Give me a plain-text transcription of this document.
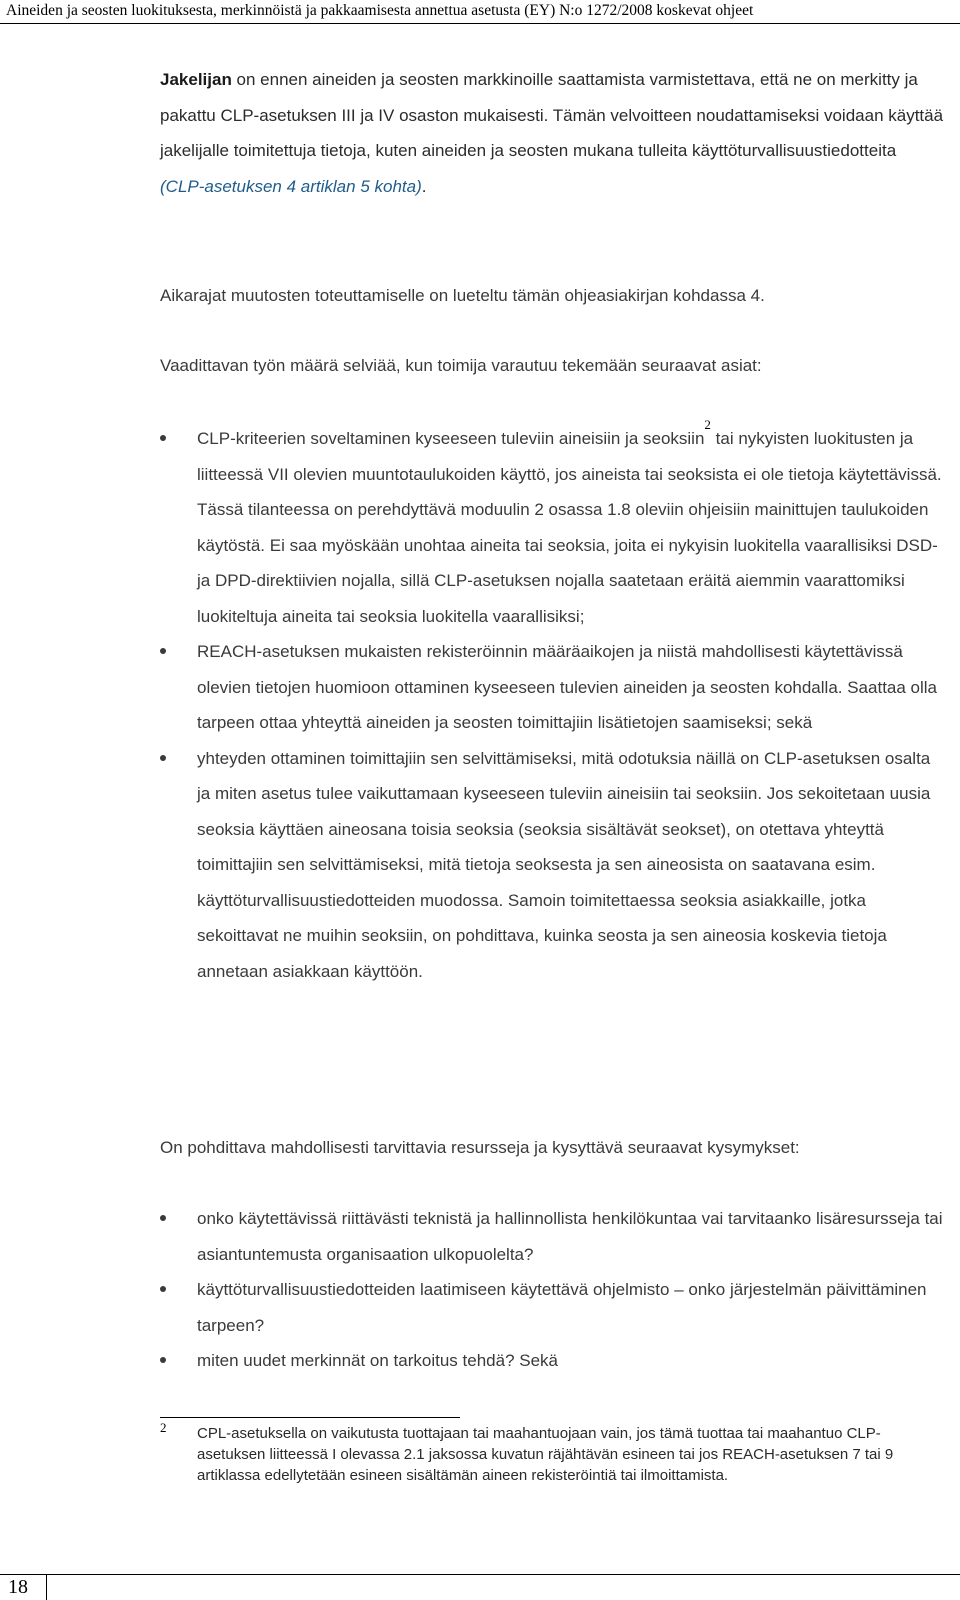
Aineiden ja seosten luokituksesta, merkinnöistä ja pakkaamisesta annettua asetusta (EY) N:o 1272/2008 koskevat ohjeet
Jakelijan on ennen aineiden ja seosten markkinoille saattamista varmistettava, että ne on merkitty ja pakattu CLP-asetuksen III ja IV osaston mukaisesti. Tämän velvoitteen noudattamiseksi voidaan käyttää jakelijalle toimitettuja tietoja, kuten aineiden ja seosten mukana tulleita käyttöturvallisuustiedotteita (CLP-asetuksen 4 artiklan 5 kohta).
Aikarajat muutosten toteuttamiselle on lueteltu tämän ohjeasiakirjan kohdassa 4.
Vaadittavan työn määrä selviää, kun toimija varautuu tekemään seuraavat asiat:
CLP-kriteerien soveltaminen kyseeseen tuleviin aineisiin ja seoksiin$^2$ tai nykyisten luokitusten ja liitteessä VII olevien muuntotaulukoiden käyttö, jos aineista tai seoksista ei ole tietoja käytettävissä. Tässä tilanteessa on perehdyttävä moduulin 2 osassa 1.8 oleviin ohjeisiin mainittujen taulukoiden käytöstä. Ei saa myöskään unohtaa aineita tai seoksia, joita ei nykyisin luokitella vaarallisiksi DSD- ja DPD-direktiivien nojalla, sillä CLP-asetuksen nojalla saatetaan eräitä aiemmin vaarattomiksi luokiteltuja aineita tai seoksia luokitella vaarallisiksi;
REACH-asetuksen mukaisten rekisteröinnin määräaikojen ja niistä mahdollisesti käytettävissä olevien tietojen huomioon ottaminen kyseeseen tulevien aineiden ja seosten kohdalla. Saattaa olla tarpeen ottaa yhteyttä aineiden ja seosten toimittajiin lisätietojen saamiseksi; sekä
yhteyden ottaminen toimittajiin sen selvittämiseksi, mitä odotuksia näillä on CLP-asetuksen osalta ja miten asetus tulee vaikuttamaan kyseeseen tuleviin aineisiin tai seoksiin. Jos sekoitetaan uusia seoksia käyttäen aineosana toisia seoksia (seoksia sisältävät seokset), on otettava yhteyttä toimittajiin sen selvittämiseksi, mitä tietoja seoksesta ja sen aineosista on saatavana esim. käyttöturvallisuustiedotteiden muodossa. Samoin toimitettaessa seoksia asiakkaille, jotka sekoittavat ne muihin seoksiin, on pohdittava, kuinka seosta ja sen aineosia koskevia tietoja annetaan asiakkaan käyttöön.
On pohdittava mahdollisesti tarvittavia resursseja ja kysyttävä seuraavat kysymykset:
onko käytettävissä riittävästi teknistä ja hallinnollista henkilökuntaa vai tarvitaanko lisäresursseja tai asiantuntemusta organisaation ulkopuolelta?
käyttöturvallisuustiedotteiden laatimiseen käytettävä ohjelmisto – onko järjestelmän päivittäminen tarpeen?
miten uudet merkinnät on tarkoitus tehdä? Sekä
2 CPL-asetuksella on vaikutusta tuottajaan tai maahantuojaan vain, jos tämä tuottaa tai maahantuo CLP-asetuksen liitteessä I olevassa 2.1 jaksossa kuvatun räjähtävän esineen tai jos REACH-asetuksen 7 tai 9 artiklassa edellytetään esineen sisältämän aineen rekisteröintiä tai ilmoittamista.
18
